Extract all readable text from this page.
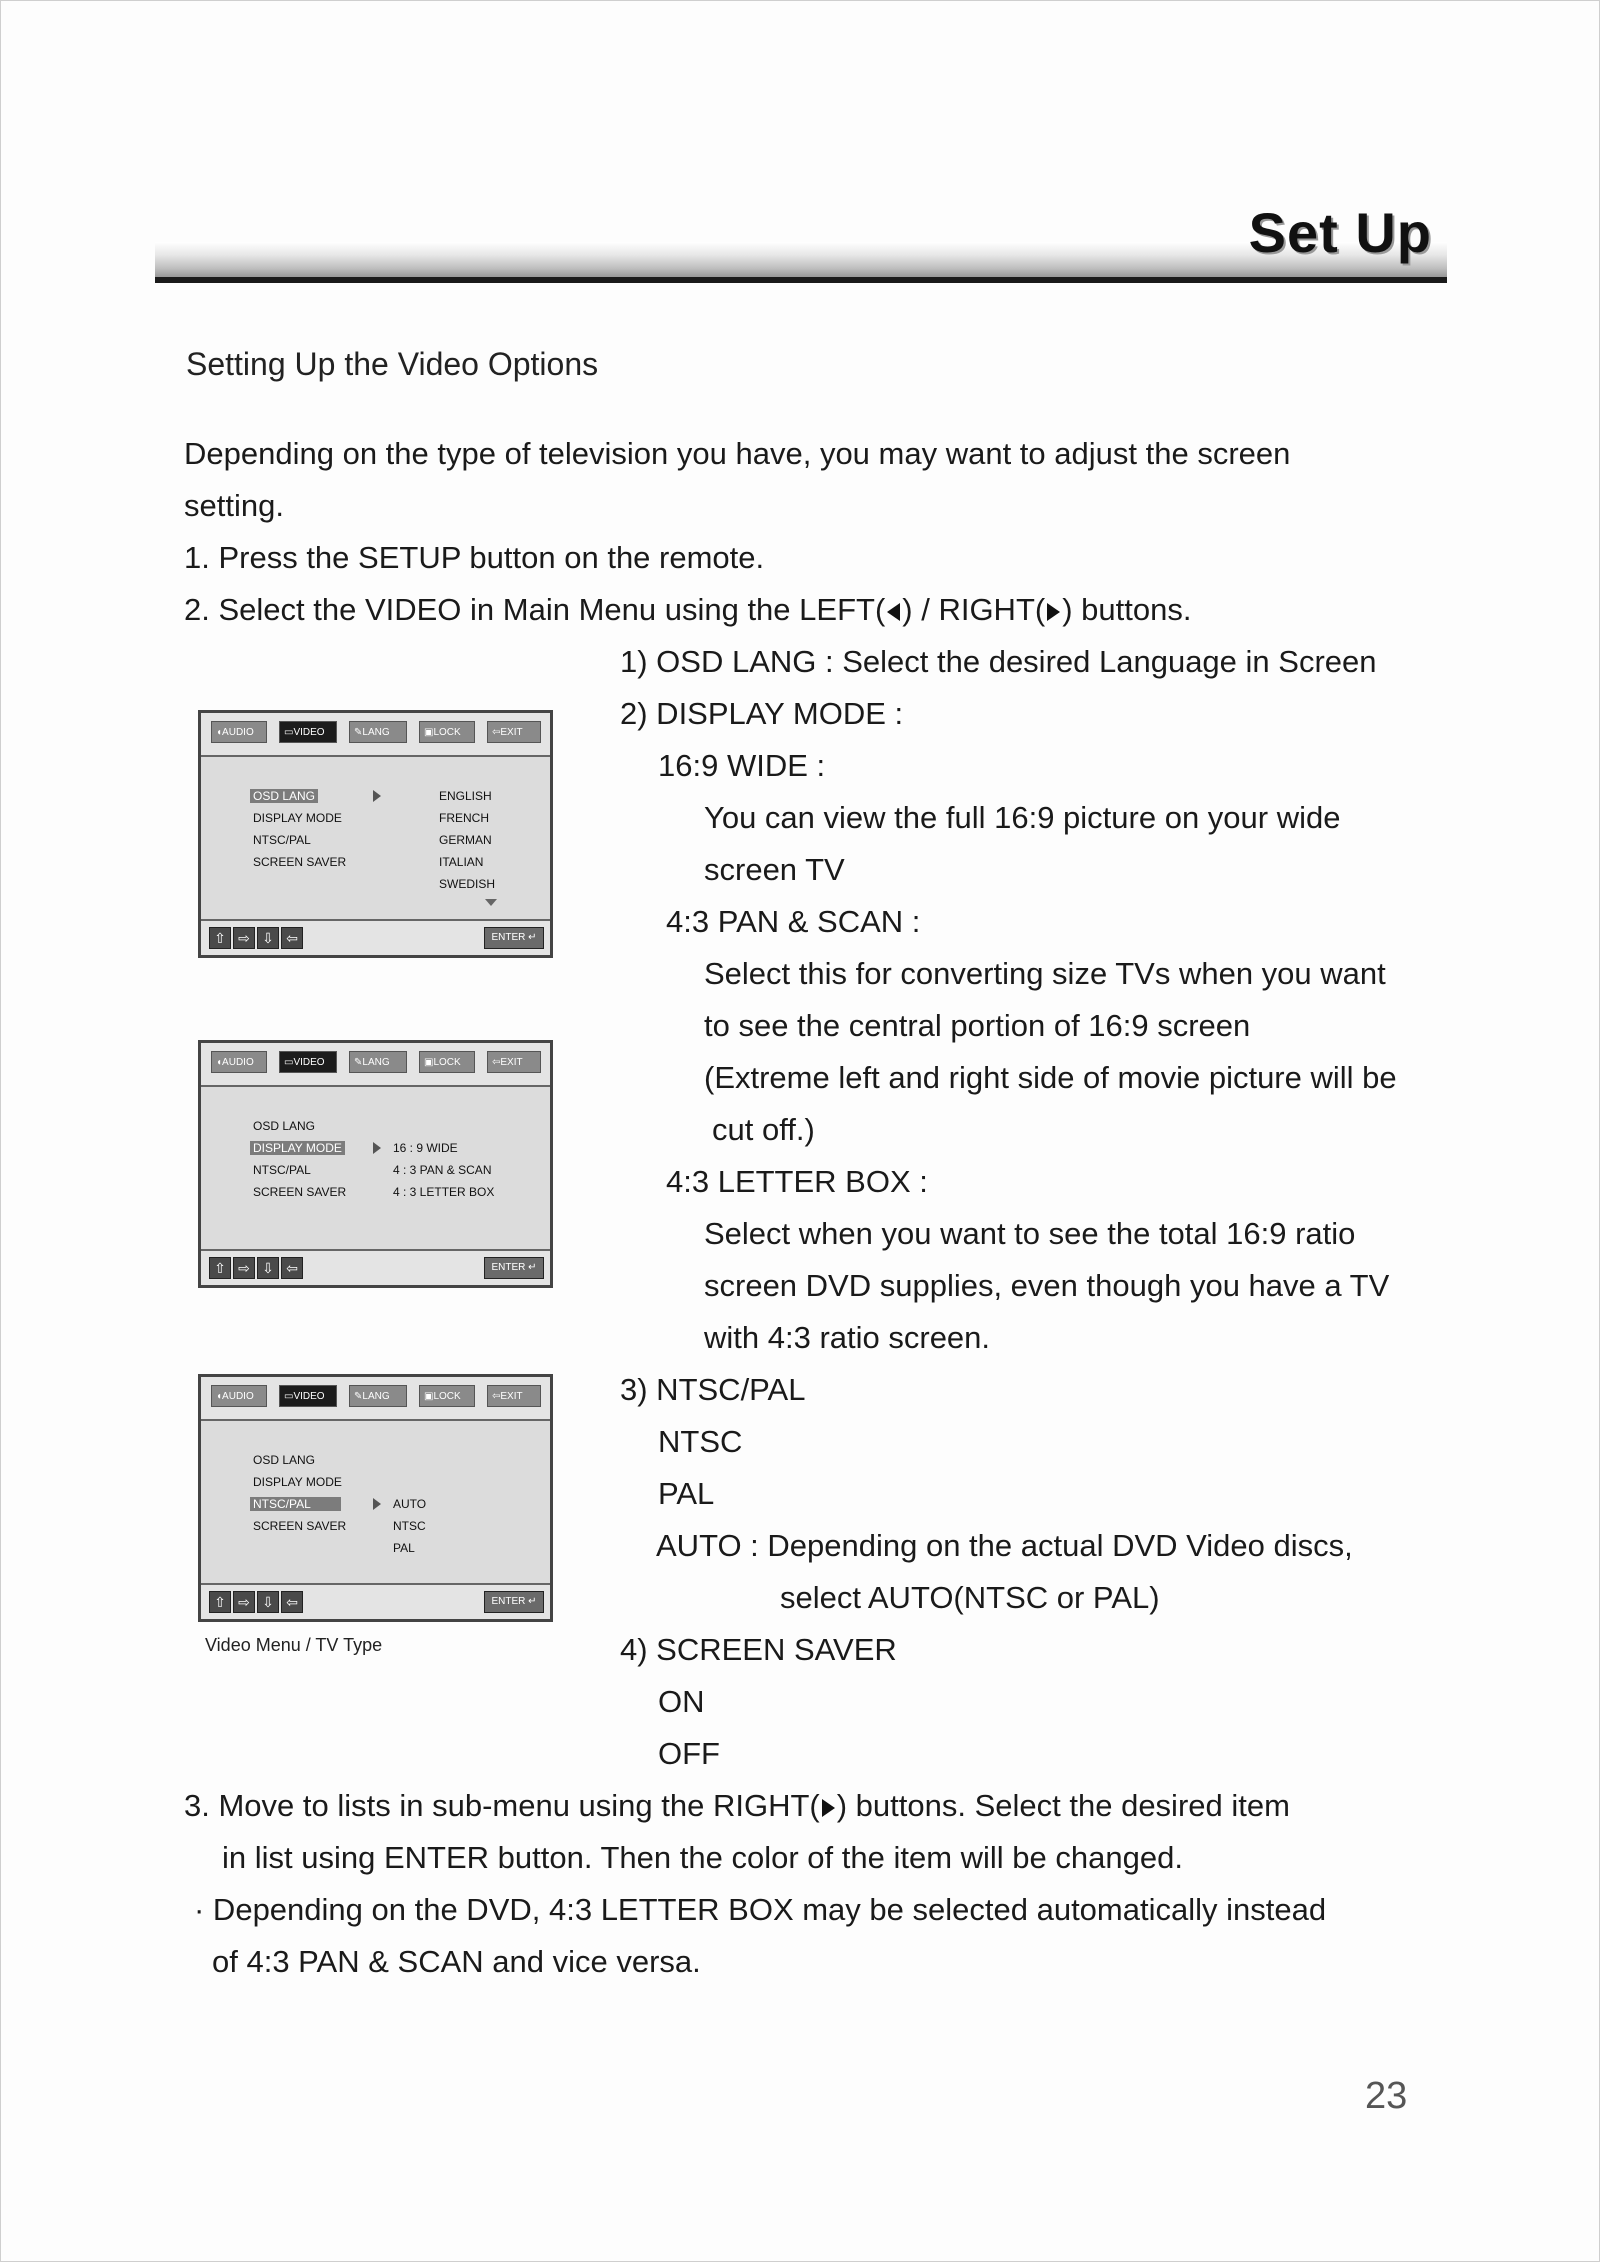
Set Up
Setting Up the Video Options
Depending on the type of television you have, you may want to adjust the screen
setting.
1. Press the SETUP button on the remote.
2. Select the VIDEO in Main Menu using the LEFT( ) / RIGHT( ) buttons.
1) OSD LANG : Select the desired Language in Screen
2) DISPLAY MODE :
16:9 WIDE :
You can view the full 16:9 picture on your wide
screen TV
4:3 PAN & SCAN :
Select this for converting size TVs when you want
to see the central portion of 16:9 screen
(Extreme left and right side of movie picture will be
cut off.)
4:3 LETTER BOX :
Select when you want to see the total 16:9 ratio
screen DVD supplies, even though you have a TV
with 4:3 ratio screen.
3) NTSC/PAL
NTSC
PAL
AUTO : Depending on the actual DVD Video discs,
select AUTO(NTSC or PAL)
4) SCREEN SAVER
ON
OFF
3. Move to lists in sub-menu using the RIGHT( ) buttons. Select the desired item
in list using ENTER button. Then the color of the item will be changed.
· Depending on the DVD, 4:3 LETTER BOX may be selected automatically instead
of 4:3 PAN & SCAN and vice versa.
◖AUDIO	▭VIDEO	✎LANG	▣LOCK	⇦EXIT
OSD LANG
DISPLAY MODE
NTSC/PAL
SCREEN SAVER
ENGLISH
FRENCH
GERMAN
ITALIAN
SWEDISH
⇧ ⇨ ⇩ ⇦	ENTER ↵
◖AUDIO	▭VIDEO	✎LANG	▣LOCK	⇦EXIT
OSD LANG
DISPLAY MODE
NTSC/PAL
SCREEN SAVER
16 : 9 WIDE
4 : 3 PAN & SCAN
4 : 3 LETTER BOX
⇧ ⇨ ⇩ ⇦	ENTER ↵
◖AUDIO	▭VIDEO	✎LANG	▣LOCK	⇦EXIT
OSD LANG
DISPLAY MODE
NTSC/PAL
SCREEN SAVER
AUTO
NTSC
PAL
⇧ ⇨ ⇩ ⇦	ENTER ↵
Video Menu / TV Type
23
